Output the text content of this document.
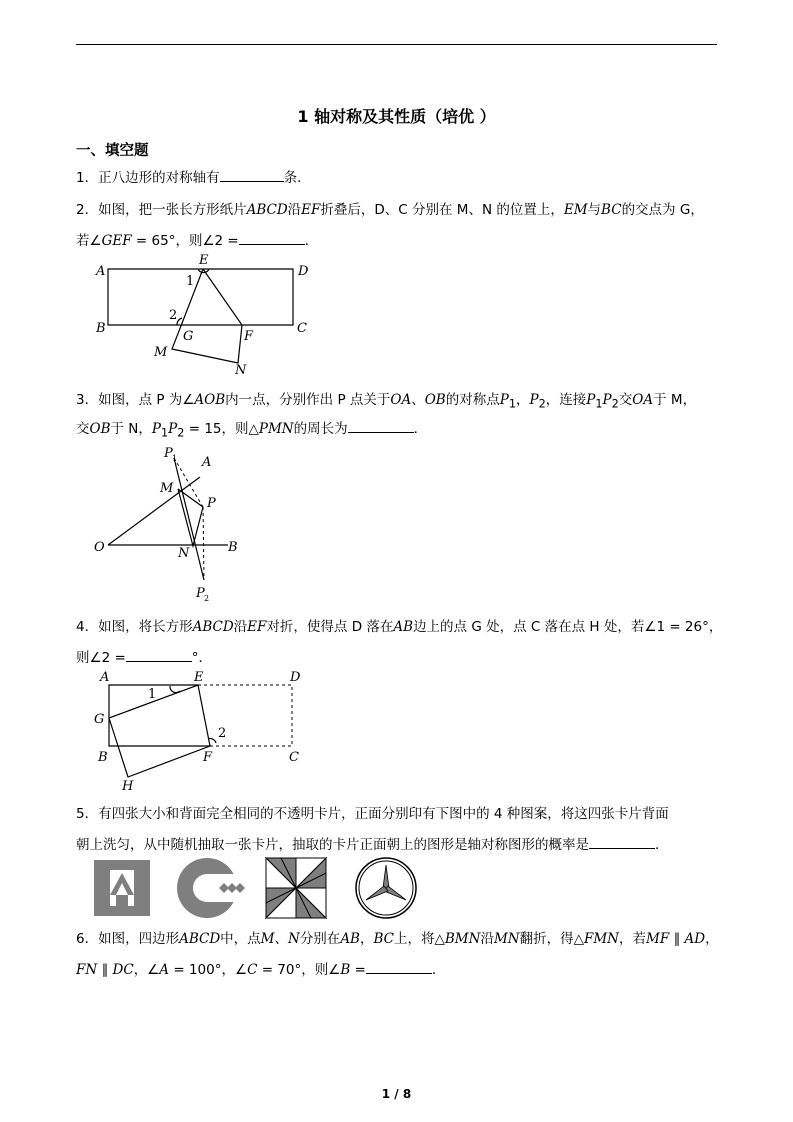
1 轴对称及其性质（培优 ）
一、填空题
1．正八边形的对称轴有	条．
2．如图，把一张长方形纸片ABCD沿EF折叠后，D、C 分别在 M、N 的位置上，EM与BC的交点为 G，
若∠GEF = 65°，则∠2 =	．
A	D
E
1
2
B
G	F
C
M
N
3．如图，点 P 为∠AOB内一点，分别作出 P 点关于OA、OB的对称点$P_1$，$P_2$，连接$P_1P_2$交OA于 M，
交OB于 N，$P_1P_2 = 15$，则△PMN的周长为	．
P 1 A
M
P
O	N	B
P 2
4．如图，将长方形ABCD沿EF对折，使得点 D 落在AB边上的点 G 处，点 C 落在点 H 处，若∠1 = 26°，
则∠2 =	°．
A	E	D
1
G
2
B	F	C
H
5．有四张大小和背面完全相同的不透明卡片，正面分别印有下图中的 4 种图案，将这四张卡片背面
朝上洗匀，从中随机抽取一张卡片，抽取的卡片正面朝上的图形是轴对称图形的概率是	．
6．如图，四边形ABCD中，点M、N分别在AB，BC上，将△BMN沿MN翻折，得△FMN，若MF ∥ AD，
FN ∥ DC，∠A = 100°，∠C = 70°，则∠B =	．
1 / 8
